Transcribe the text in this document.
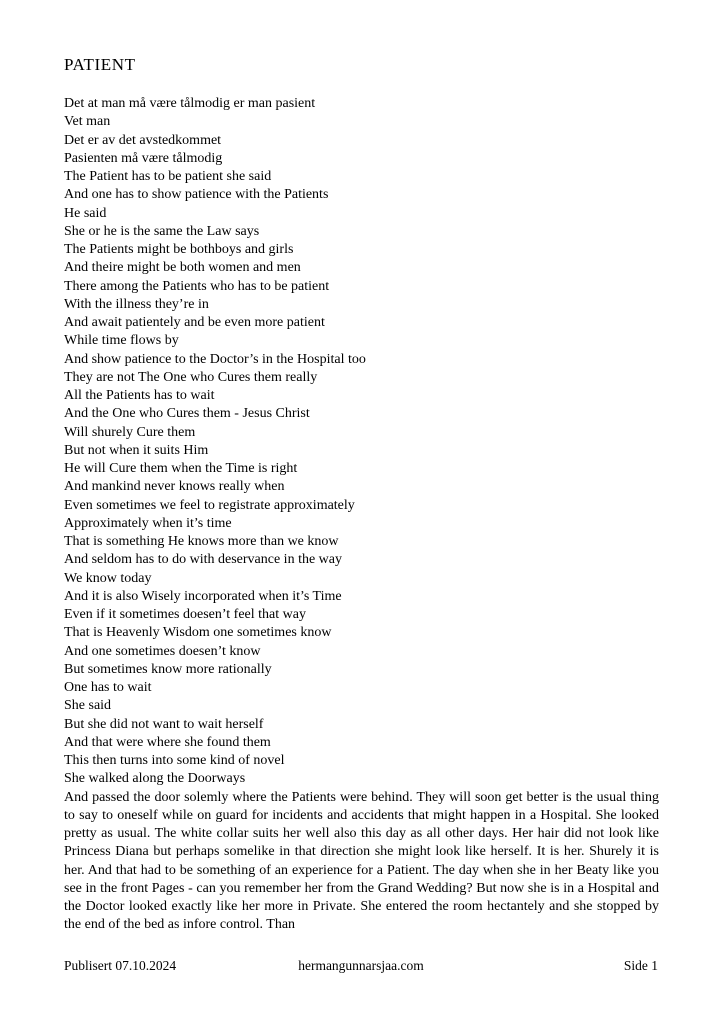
PATIENT
Det at man må være tålmodig er man pasient
Vet man
Det er av det avstedkommet
Pasienten må være tålmodig
The Patient has to be patient she said
And one has to show patience with the Patients
He said
She or he is the same the Law says
The Patients might be bothboys and girls
And theire might be both women and men
There among the Patients who has to be patient
With the illness they’re in
And await patientely and be even more patient
While time flows by
And show patience to the Doctor’s in the Hospital too
They are not The One who Cures them really
All the Patients has to wait
And the One who Cures them - Jesus Christ
Will shurely Cure them
But not when it suits Him
He will Cure them when the Time is right
And mankind never knows really when
Even sometimes we feel to registrate approximately
Approximately when it’s time
That is something He knows more than we know
And seldom has to do with deservance in the way
We know today
And it is also Wisely incorporated when it’s Time
Even if it sometimes doesen’t feel that way
That is Heavenly Wisdom one sometimes know
And one sometimes doesen’t know
But sometimes know more rationally
One has to wait
She said
But she did not want to wait herself
And that were where she found them
This then turns into some kind of novel
She walked along the Doorways
And passed the door solemly where the Patients were behind. They will soon get better is the usual thing to say to oneself while on guard for incidents and accidents that might happen in a Hospital. She looked pretty as usual. The white collar suits her well also this day as all other days. Her hair did not look like Princess Diana but perhaps somelike in that direction she might look like herself. It is her. Shurely it is her. And that had to be something of an experience for a Patient. The day when she in her Beaty like you see in the front Pages - can you remember her from the Grand Wedding? But now she is in a Hospital and the Doctor looked exactly like her more in Private. She entered the room hectantely and she stopped by the end of the bed as infore control. Than
Publisert 07.10.2024	hermangunnarsjaa.com	Side 1
